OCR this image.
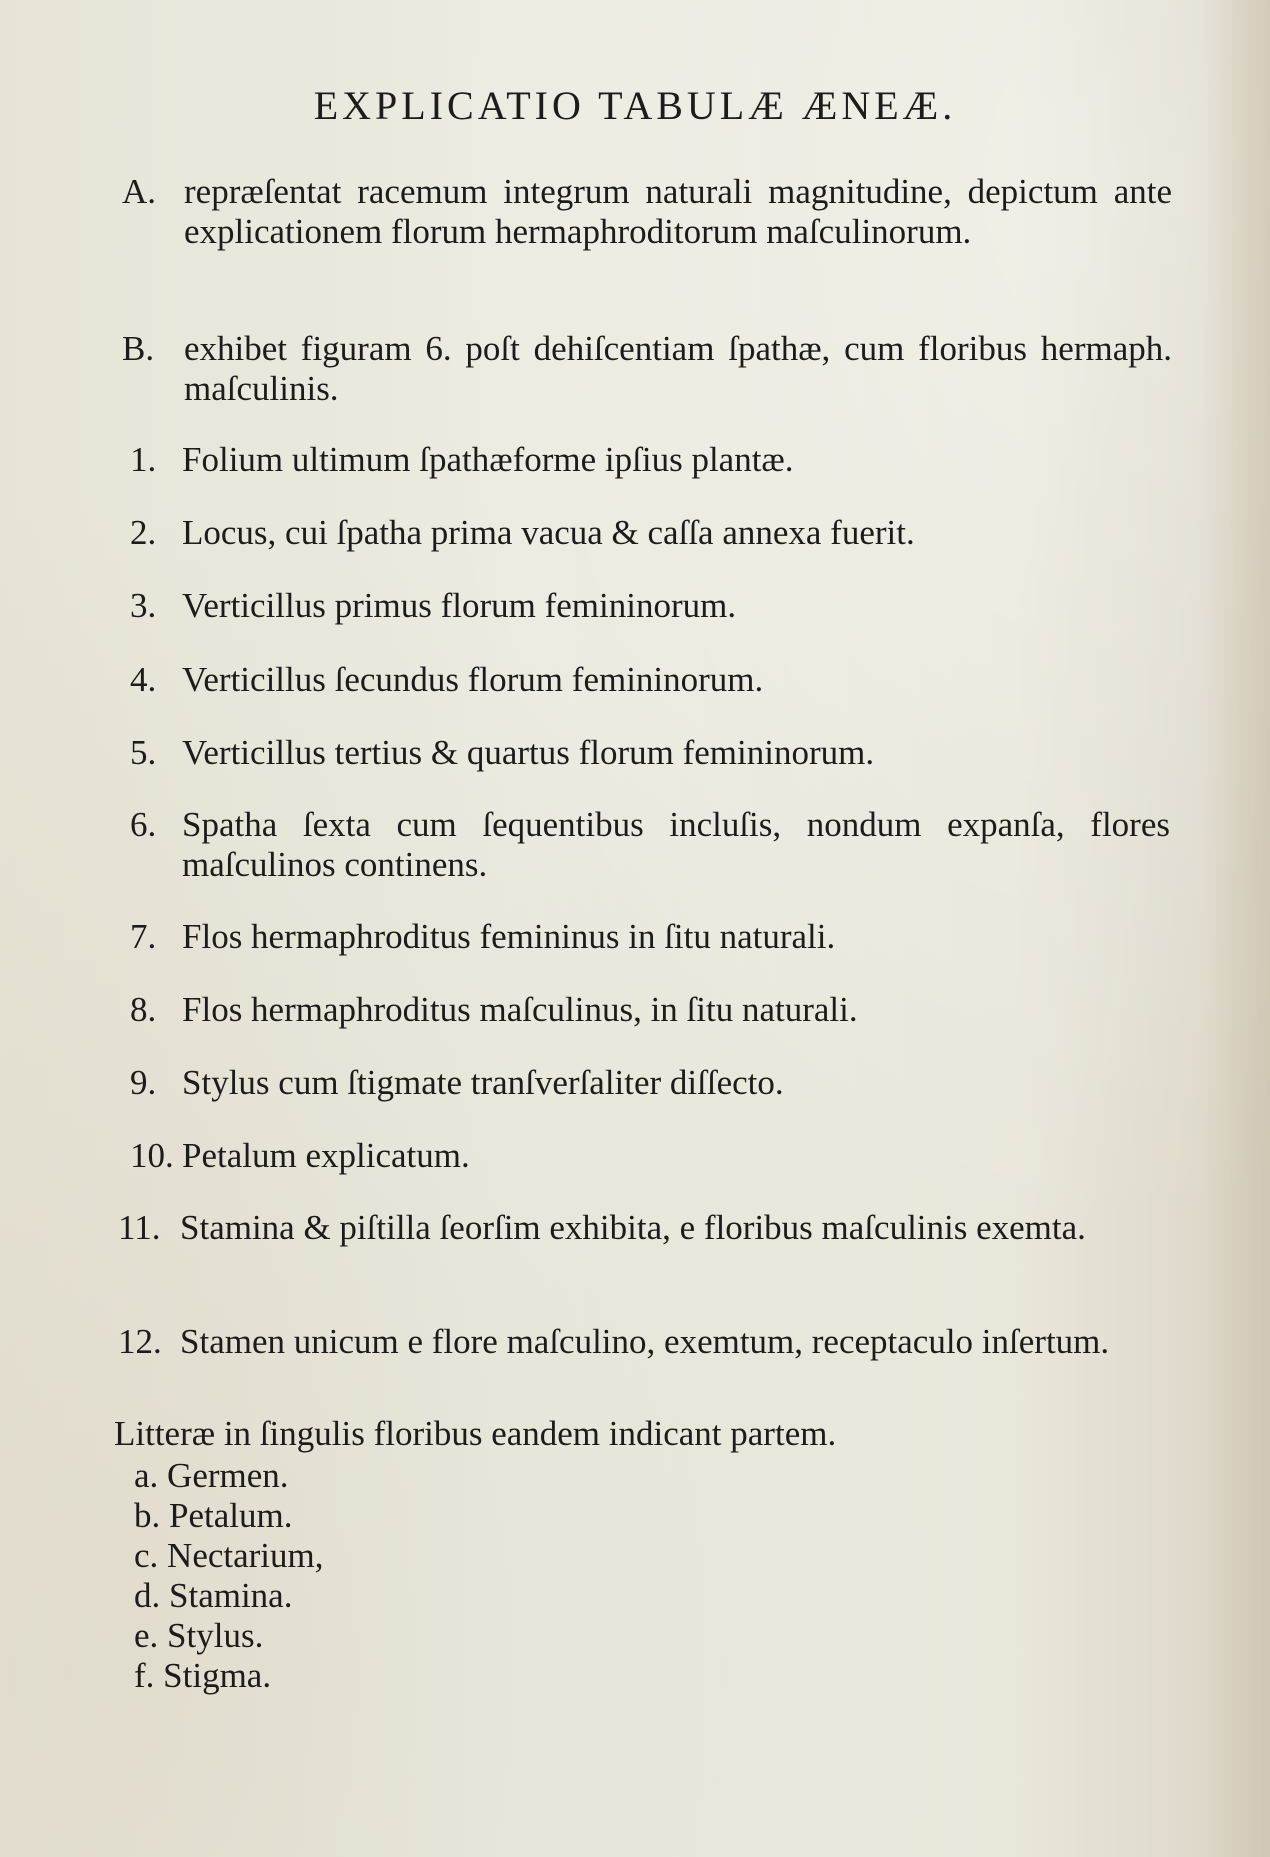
EXPLICATIO TABULÆ ÆNEÆ.
A. repræſentat racemum integrum naturali magnitudine, depictum ante explicationem florum hermaphroditorum maſculinorum.
B. exhibet figuram 6. poſt dehiſcentiam ſpathæ, cum floribus hermaph. maſculinis.
1. Folium ultimum ſpathæforme ipſius plantæ.
2. Locus, cui ſpatha prima vacua & caſſa annexa fuerit.
3. Verticillus primus florum femininorum.
4. Verticillus ſecundus florum femininorum.
5. Verticillus tertius & quartus florum femininorum.
6. Spatha ſexta cum ſequentibus incluſis, nondum expanſa, flores maſculinos continens.
7. Flos hermaphroditus femininus in ſitu naturali.
8. Flos hermaphroditus maſculinus, in ſitu naturali.
9. Stylus cum ſtigmate tranſverſaliter diſſecto.
10. Petalum explicatum.
11. Stamina & piſtilla ſeorſim exhibita, e floribus maſculinis exemta.
12. Stamen unicum e flore maſculino, exemtum, receptaculo inſertum.
Litteræ in ſingulis floribus eandem indicant partem.
a. Germen.
b. Petalum.
c. Nectarium,
d. Stamina.
e. Stylus.
f. Stigma.
